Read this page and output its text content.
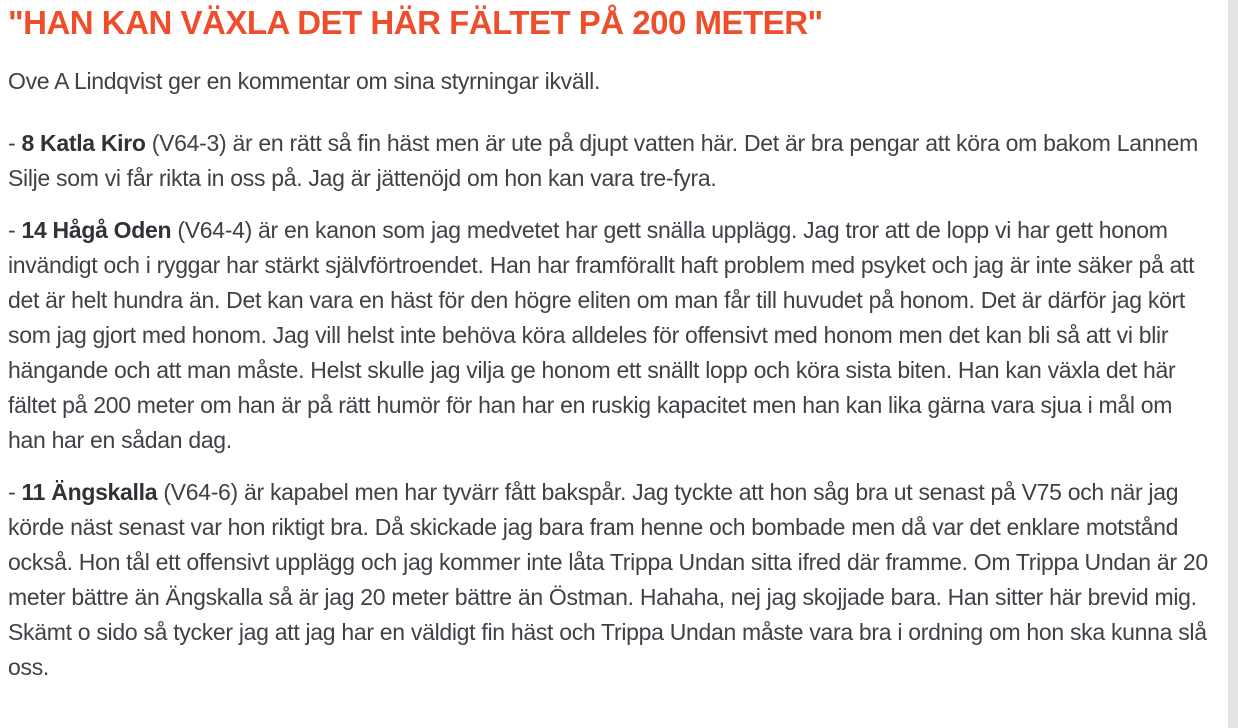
"HAN KAN VÄXLA DET HÄR FÄLTET PÅ 200 METER"

Ove A Lindqvist ger en kommentar om sina styrningar ikväll.

- 8 Katla Kiro (V64-3) är en rätt så fin häst men är ute på djupt vatten här. Det är bra pengar att köra om bakom Lannem Silje som vi får rikta in oss på. Jag är jättenöjd om hon kan vara tre-fyra.

- 14 Hågå Oden (V64-4) är en kanon som jag medvetet har gett snälla upplägg. Jag tror att de lopp vi har gett honom invändigt och i ryggar har stärkt självförtroendet. Han har framförallt haft problem med psyket och jag är inte säker på att det är helt hundra än. Det kan vara en häst för den högre eliten om man får till huvudet på honom. Det är därför jag kört som jag gjort med honom. Jag vill helst inte behöva köra alldeles för offensivt med honom men det kan bli så att vi blir hängande och att man måste. Helst skulle jag vilja ge honom ett snällt lopp och köra sista biten. Han kan växla det här fältet på 200 meter om han är på rätt humör för han har en ruskig kapacitet men han kan lika gärna vara sjua i mål om han har en sådan dag.

- 11 Ängskalla (V64-6) är kapabel men har tyvärr fått bakspår. Jag tyckte att hon såg bra ut senast på V75 och när jag körde näst senast var hon riktigt bra. Då skickade jag bara fram henne och bombade men då var det enklare motstånd också. Hon tål ett offensivt upplägg och jag kommer inte låta Trippa Undan sitta ifred där framme. Om Trippa Undan är 20 meter bättre än Ängskalla så är jag 20 meter bättre än Östman. Hahaha, nej jag skojjade bara. Han sitter här brevid mig. Skämt o sido så tycker jag att jag har en väldigt fin häst och Trippa Undan måste vara bra i ordning om hon ska kunna slå oss.
